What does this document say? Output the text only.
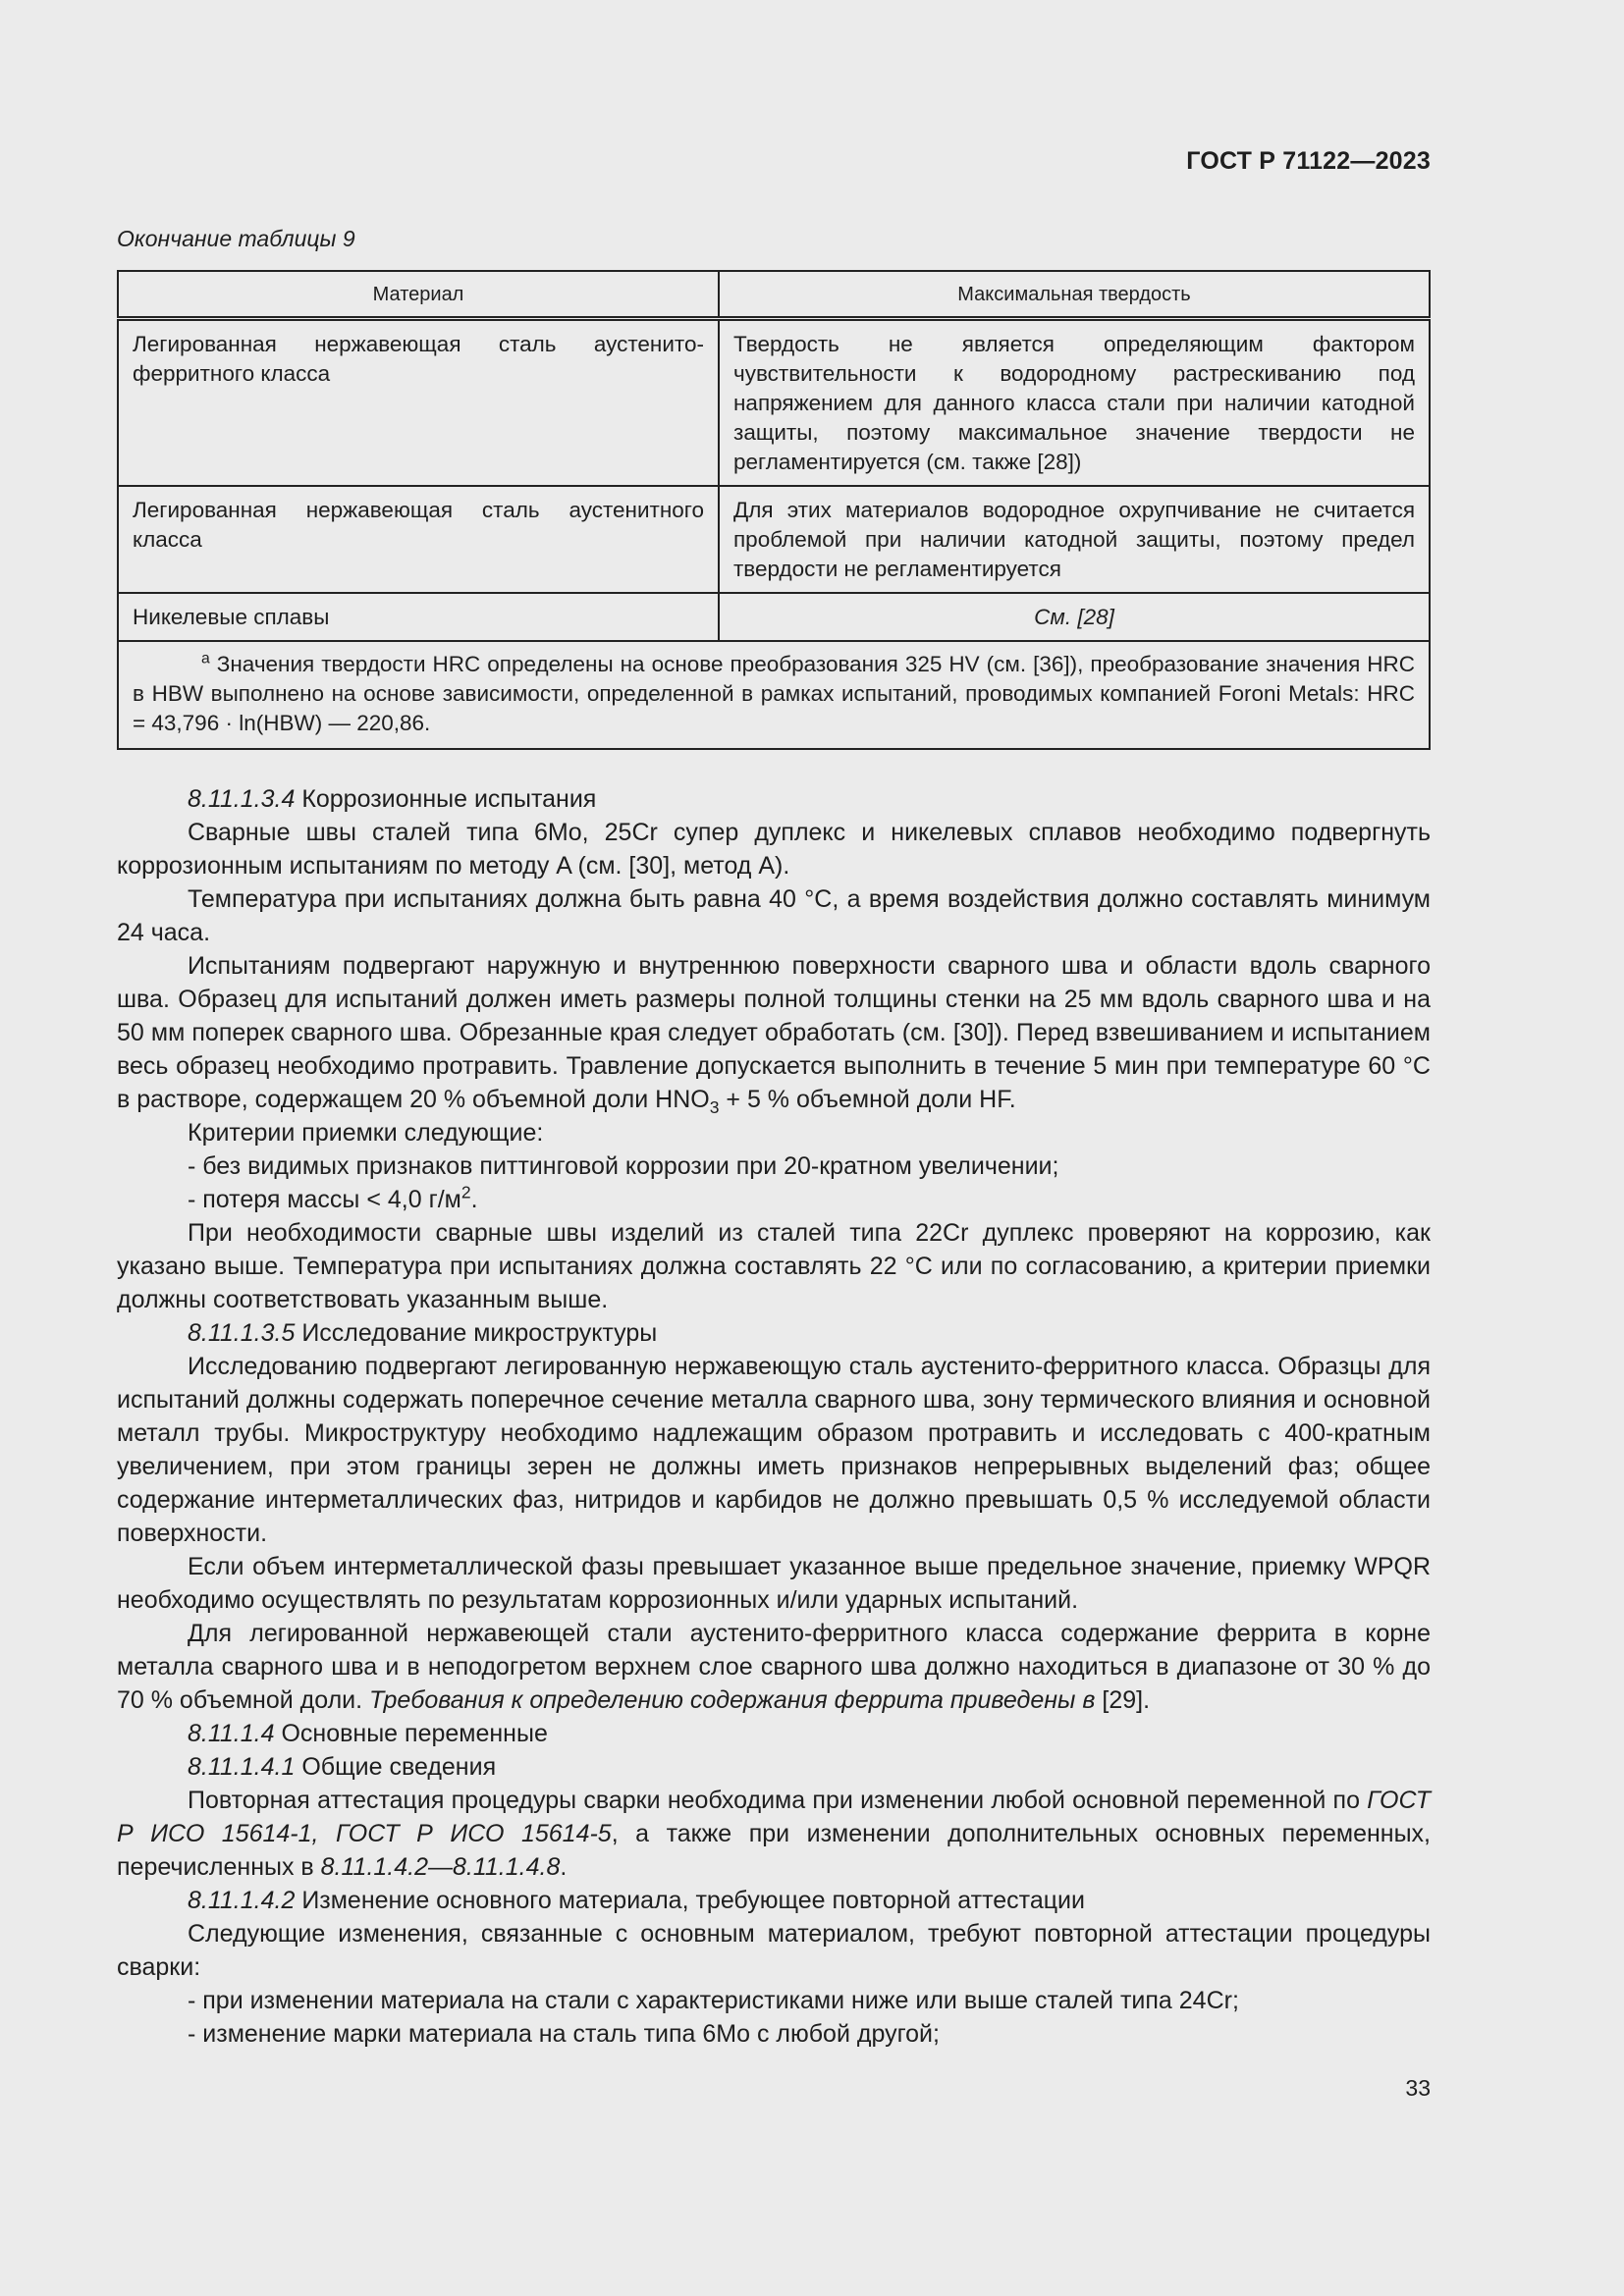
ГОСТ Р 71122—2023
Окончание таблицы 9
Материал	Максимальная твердость
Легированная нержавеющая сталь аустенито-ферритного класса	Твердость не является определяющим фактором чувствительности к водородному растрескиванию под напряжением для данного класса стали при наличии катодной защиты, поэтому максимальное значение твердости не регламентируется (см. также [28])
Легированная нержавеющая сталь аустенитного класса	Для этих материалов водородное охрупчивание не считается проблемой при наличии катодной защиты, поэтому предел твердости не регламентируется
Никелевые сплавы	См. [28]
$^a$ Значения твердости HRC определены на основе преобразования 325 HV (см. [36]), преобразование значения HRC в HBW выполнено на основе зависимости, определенной в рамках испытаний, проводимых компанией Foroni Metals: HRC = 43,796 · ln(HBW) — 220,86.	

8.11.1.3.4 Коррозионные испытания

Сварные швы сталей типа 6Mo, 25Cr супер дуплекс и никелевых сплавов необходимо подвергнуть коррозионным испытаниям по методу A (см. [30], метод A).

Температура при испытаниях должна быть равна 40 °C, а время воздействия должно составлять минимум 24 часа.

Испытаниям подвергают наружную и внутреннюю поверхности сварного шва и области вдоль сварного шва. Образец для испытаний должен иметь размеры полной толщины стенки на 25 мм вдоль сварного шва и на 50 мм поперек сварного шва. Обрезанные края следует обработать (см. [30]). Перед взвешиванием и испытанием весь образец необходимо протравить. Травление допускается выполнить в течение 5 мин при температуре 60 °C в растворе, содержащем 20 % объемной доли $HNO_3 + 5$ % объемной доли HF.

Критерии приемки следующие:

- без видимых признаков питтинговой коррозии при 20-кратном увеличении;

- потеря массы < 4,0 $г/м^2$.

При необходимости сварные швы изделий из сталей типа 22Cr дуплекс проверяют на коррозию, как указано выше. Температура при испытаниях должна составлять 22 °C или по согласованию, а критерии приемки должны соответствовать указанным выше.

8.11.1.3.5 Исследование микроструктуры

Исследованию подвергают легированную нержавеющую сталь аустенито-ферритного класса. Образцы для испытаний должны содержать поперечное сечение металла сварного шва, зону термического влияния и основной металл трубы. Микроструктуру необходимо надлежащим образом протравить и исследовать с 400-кратным увеличением, при этом границы зерен не должны иметь признаков непрерывных выделений фаз; общее содержание интерметаллических фаз, нитридов и карбидов не должно превышать 0,5 % исследуемой области поверхности.

Если объем интерметаллической фазы превышает указанное выше предельное значение, приемку WPQR необходимо осуществлять по результатам коррозионных и/или ударных испытаний.

Для легированной нержавеющей стали аустенито-ферритного класса содержание феррита в корне металла сварного шва и в неподогретом верхнем слое сварного шва должно находиться в диапазоне от 30 % до 70 % объемной доли. Требования к определению содержания феррита приведены в [29].

8.11.1.4 Основные переменные

8.11.1.4.1 Общие сведения

Повторная аттестация процедуры сварки необходима при изменении любой основной переменной по ГОСТ Р ИСО 15614-1, ГОСТ Р ИСО 15614-5, а также при изменении дополнительных основных переменных, перечисленных в 8.11.1.4.2—8.11.1.4.8.

8.11.1.4.2 Изменение основного материала, требующее повторной аттестации

Следующие изменения, связанные с основным материалом, требуют повторной аттестации процедуры сварки:

- при изменении материала на стали с характеристиками ниже или выше сталей типа 24Cr;

- изменение марки материала на сталь типа 6Mo с любой другой;

33
